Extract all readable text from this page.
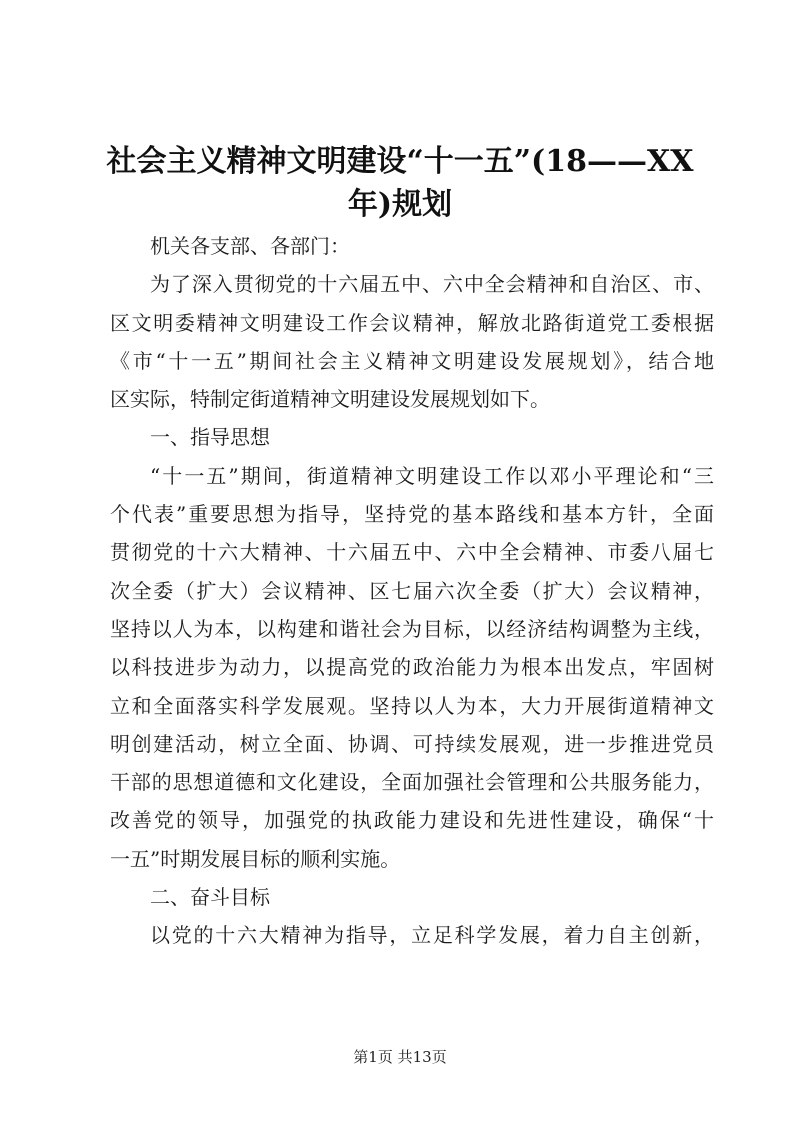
社会主义精神文明建设“十一五”(18——XX
年)规划
机关各支部、各部门：
为了深入贯彻党的十六届五中、六中全会精神和自治区、市、
区文明委精神文明建设工作会议精神，解放北路街道党工委根据
《市“十一五”期间社会主义精神文明建设发展规划》，结合地
区实际，特制定街道精神文明建设发展规划如下。
一、指导思想
“十一五”期间，街道精神文明建设工作以邓小平理论和“三
个代表”重要思想为指导，坚持党的基本路线和基本方针，全面
贯彻党的十六大精神、十六届五中、六中全会精神、市委八届七
次全委（扩大）会议精神、区七届六次全委（扩大）会议精神，
坚持以人为本，以构建和谐社会为目标，以经济结构调整为主线，
以科技进步为动力，以提高党的政治能力为根本出发点，牢固树
立和全面落实科学发展观。坚持以人为本，大力开展街道精神文
明创建活动，树立全面、协调、可持续发展观，进一步推进党员
干部的思想道德和文化建设，全面加强社会管理和公共服务能力，
改善党的领导，加强党的执政能力建设和先进性建设，确保“十
一五”时期发展目标的顺利实施。
二、奋斗目标
以党的十六大精神为指导，立足科学发展，着力自主创新，
第1页 共13页
